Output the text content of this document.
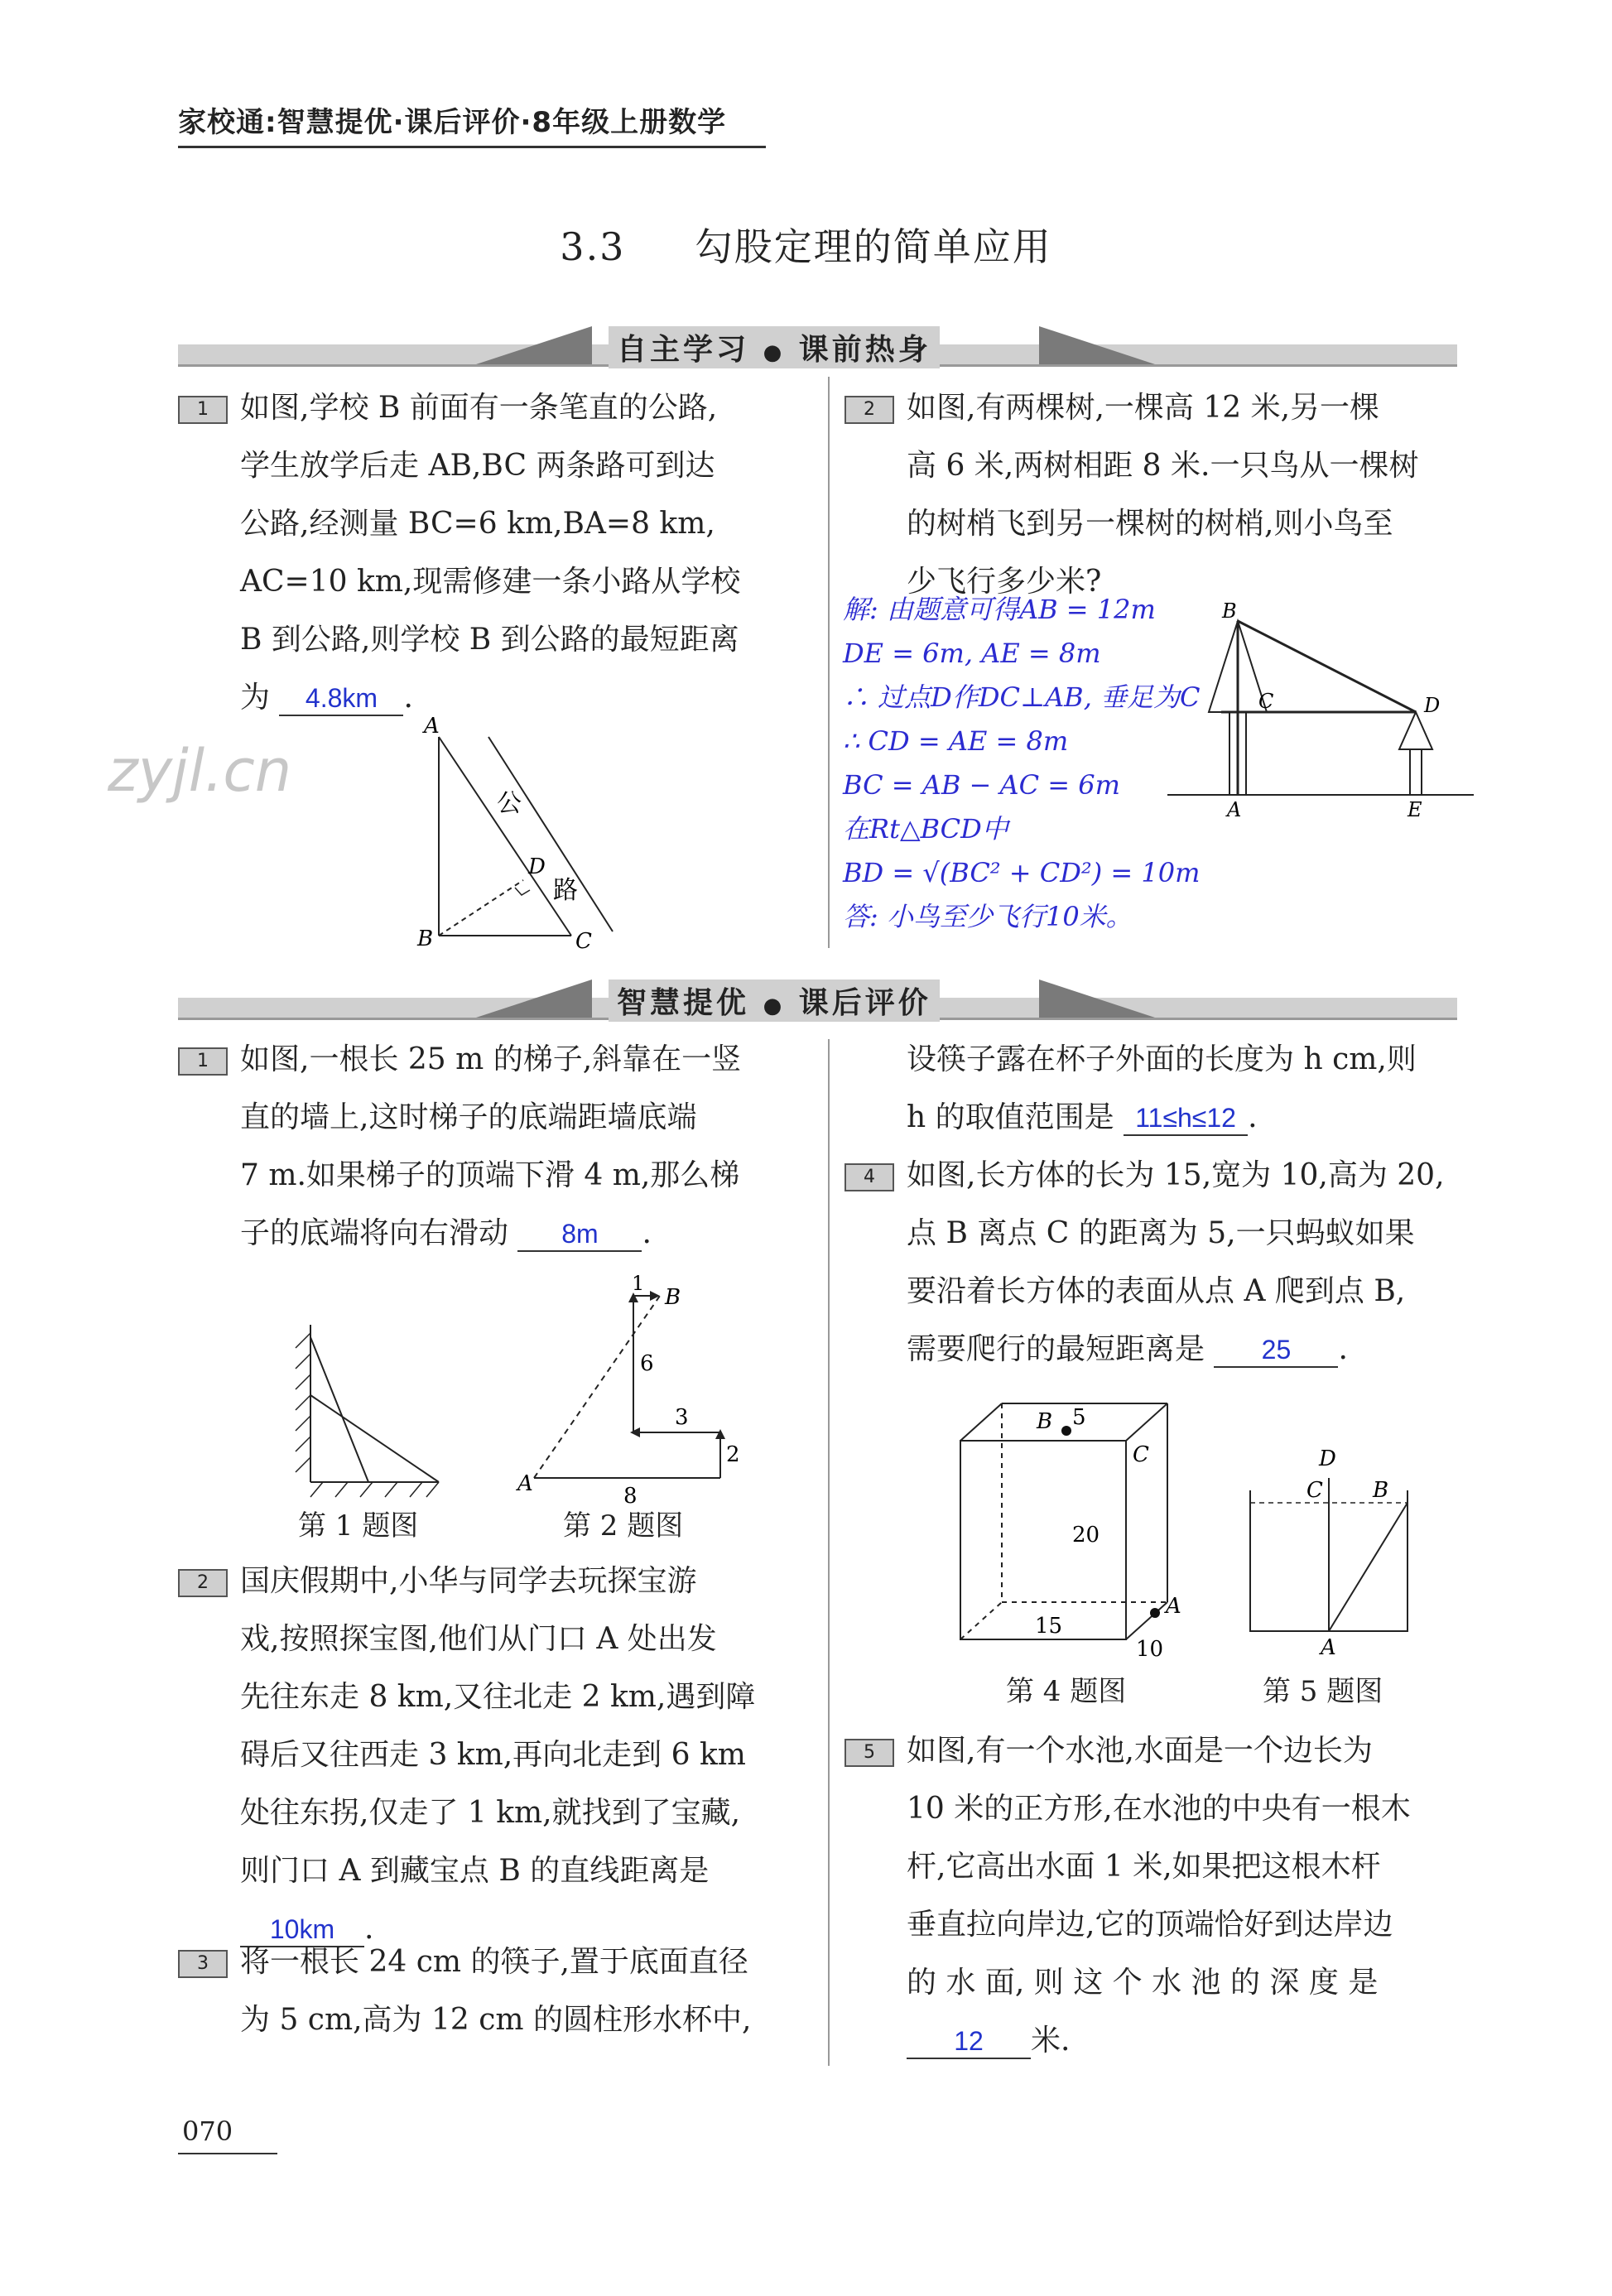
家校通:智慧提优·课后评价·8年级上册数学
3.3 勾股定理的简单应用
自主学习 ● 课前热身
zyjl.cn
1	如图,学校 B 前面有一条笔直的公路,
学生放学后走 AB,BC 两条路可到达
公路,经测量 BC=6 km,BA=8 km,
AC=10 km,现需修建一条小路从学校
B 到公路,则学校 B 到公路的最短距离
为 4.8km .
A
B	C
D
公
路
2	如图,有两棵树,一棵高 12 米,另一棵
高 6 米,两树相距 8 米.一只鸟从一棵树
的树梢飞到另一棵树的树梢,则小鸟至
少飞行多少米?
解: 由题意可得AB = 12m
DE = 6m, AE = 8m
∴ 过点D作DC⊥AB, 垂足为C
∴ CD = AE = 8m
BC = AB − AC = 6m
在Rt△BCD中
BD = √(BC² + CD²) = 10m
答: 小鸟至少飞行10米。
B
C	D
A	E
智慧提优 ● 课后评价
1	如图,一根长 25 m 的梯子,斜靠在一竖
直的墙上,这时梯子的底端距墙底端
7 m.如果梯子的顶端下滑 4 m,那么梯
子的底端将向右滑动 8m .
第 1 题图
A
B
1
6
3
2
8
第 2 题图
2	国庆假期中,小华与同学去玩探宝游
戏,按照探宝图,他们从门口 A 处出发
先往东走 8 km,又往北走 2 km,遇到障
碍后又往西走 3 km,再向北走到 6 km
处往东拐,仅走了 1 km,就找到了宝藏,
则门口 A 到藏宝点 B 的直线距离是
10km .
3	将一根长 24 cm 的筷子,置于底面直径
为 5 cm,高为 12 cm 的圆柱形水杯中,
设筷子露在杯子外面的长度为 h cm,则
h 的取值范围是 11≤h≤12 .
4	如图,长方体的长为 15,宽为 10,高为 20,
点 B 离点 C 的距离为 5,一只蚂蚁如果
要沿着长方体的表面从点 A 爬到点 B,
需要爬行的最短距离是 25 .
B 5
C
20
A
15
10
第 4 题图
D
C B
A
第 5 题图
5	如图,有一个水池,水面是一个边长为
10 米的正方形,在水池的中央有一根木
杆,它高出水面 1 米,如果把这根木杆
垂直拉向岸边,它的顶端恰好到达岸边
的 水 面, 则 这 个 水 池 的 深 度 是
12 米.
070
